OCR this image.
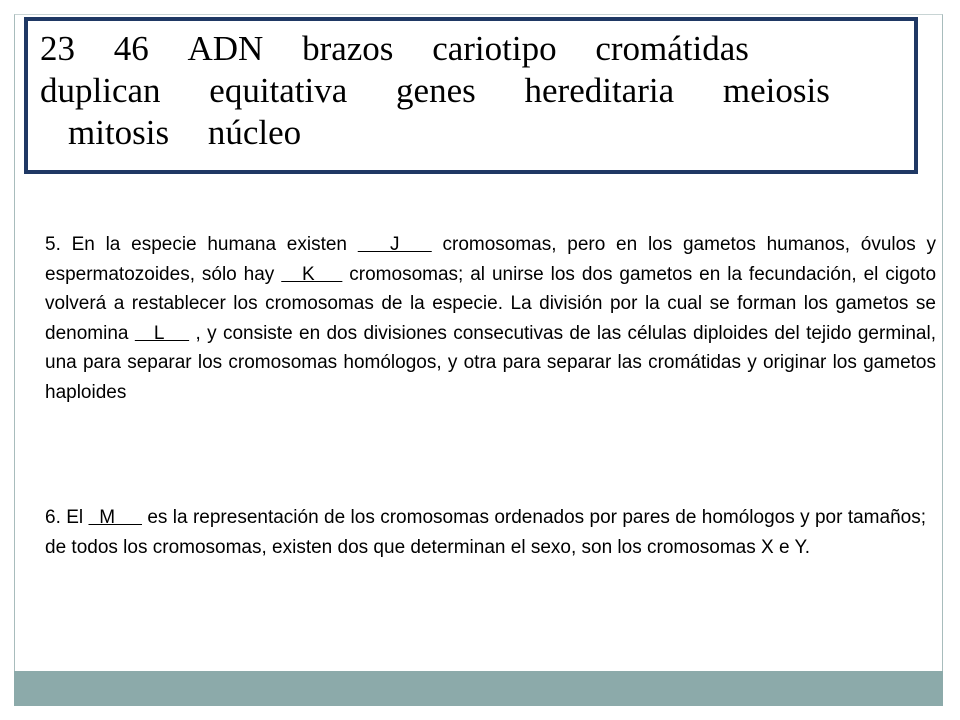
23 46 ADN brazos cariotipo cromátidas
duplican equitativa genes hereditaria meiosis
mitosis núcleo

5. En la especie humana existen    J    cromosomas, pero en los gametos humanos, óvulos y espermatozoides, sólo hay    K     cromosomas; al unirse los dos gametos en la fecundación, el cigoto volverá a restablecer los cromosomas de la especie. La división por la cual se forman los gametos se denomina    L     , y consiste en dos divisiones consecutivas de las células diploides del tejido germinal, una para separar los cromosomas homólogos, y otra para separar las cromátidas y originar los gametos haploides

6. El   M      es la representación de los cromosomas ordenados por pares de homólogos y por tamaños; de todos los cromosomas, existen dos que determinan el sexo, son los cromosomas X e Y.
